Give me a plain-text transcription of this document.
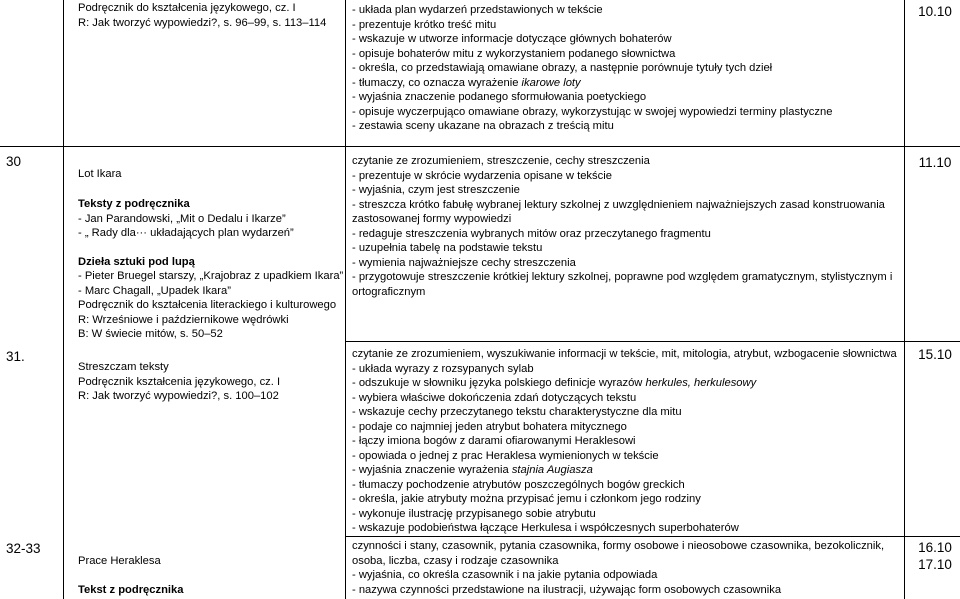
Podręcznik do kształcenia językowego, cz. I
R: Jak tworzyć wypowiedzi?, s. 96–99, s. 113–114
- układa plan wydarzeń przedstawionych w tekście
- prezentuje krótko treść mitu
- wskazuje w utworze informacje dotyczące głównych bohaterów
- opisuje bohaterów mitu z wykorzystaniem podanego słownictwa
- określa, co przedstawiają omawiane obrazy, a następnie porównuje tytuły tych dzieł
- tłumaczy, co oznacza wyrażenie ikarowe loty
- wyjaśnia znaczenie podanego sformułowania poetyckiego
- opisuje wyczerpująco omawiane obrazy, wykorzystując w swojej wypowiedzi terminy plastyczne
- zestawia sceny ukazane na obrazach z treścią mitu
10.10
30
Lot Ikara
Teksty z podręcznika
- Jan Parandowski, „Mit o Dedalu i Ikarze”
- „ Rady dla··· układających plan wydarzeń”
Dzieła sztuki pod lupą
- Pieter Bruegel starszy, „Krajobraz z upadkiem Ikara”
- Marc Chagall, „Upadek Ikara”
Podręcznik do kształcenia literackiego i kulturowego
R: Wrześniowe i październikowe wędrówki
B: W świecie mitów, s. 50–52
czytanie ze zrozumieniem, streszczenie, cechy streszczenia
- prezentuje w skrócie wydarzenia opisane w tekście
- wyjaśnia, czym jest streszczenie
- streszcza krótko fabułę wybranej lektury szkolnej z uwzględnieniem najważniejszych zasad konstruowania
zastosowanej formy wypowiedzi
- redaguje streszczenia wybranych mitów oraz przeczytanego fragmentu
- uzupełnia tabelę na podstawie tekstu
- wymienia najważniejsze cechy streszczenia
- przygotowuje streszczenie krótkiej lektury szkolnej, poprawne pod względem gramatycznym, stylistycznym i
ortograficznym
11.10
31.
Streszczam teksty
Podręcznik kształcenia językowego, cz. I
R: Jak tworzyć wypowiedzi?, s. 100–102
czytanie ze zrozumieniem, wyszukiwanie informacji w tekście, mit, mitologia, atrybut, wzbogacenie słownictwa
- układa wyrazy z rozsypanych sylab
- odszukuje w słowniku języka polskiego definicje wyrazów herkules, herkulesowy
- wybiera właściwe dokończenia zdań dotyczących tekstu
- wskazuje cechy przeczytanego tekstu charakterystyczne dla mitu
- podaje co najmniej jeden atrybut bohatera mitycznego
- łączy imiona bogów z darami ofiarowanymi Heraklesowi
- opowiada o jednej z prac Heraklesa wymienionych w tekście
- wyjaśnia znaczenie wyrażenia stajnia Augiasza
- tłumaczy pochodzenie atrybutów poszczególnych bogów greckich
- określa, jakie atrybuty można przypisać jemu i członkom jego rodziny
- wykonuje ilustrację przypisanego sobie atrybutu
- wskazuje podobieństwa łączące Herkulesa i współczesnych superbohaterów
15.10
32-33
Prace Heraklesa
Tekst z podręcznika
czynności i stany, czasownik, pytania czasownika, formy osobowe i nieosobowe czasownika, bezokolicznik,
osoba, liczba, czasy i rodzaje czasownika
- wyjaśnia, co określa czasownik i na jakie pytania odpowiada
- nazywa czynności przedstawione na ilustracji, używając form osobowych czasownika
16.10
17.10
